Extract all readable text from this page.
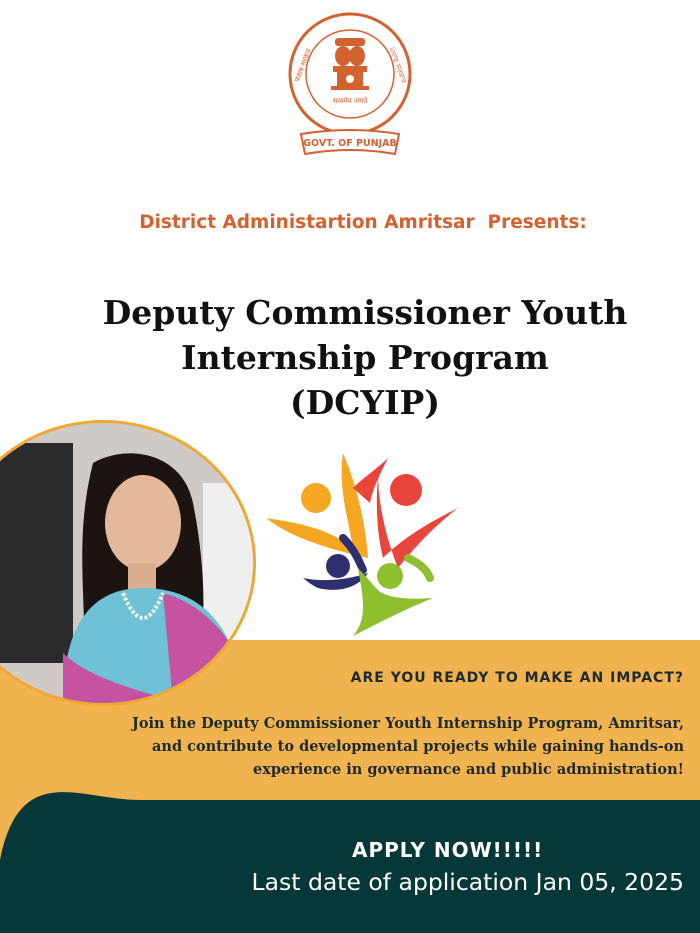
सत्यमेव जयते
GOVT. OF PUNJAB
पंजाब सरकार	ਪੰਜਾਬ ਸਰਕਾਰ
District Administartion Amritsar  Presents:
Deputy Commissioner Youth
Internship Program
(DCYIP)
ARE YOU READY TO MAKE AN IMPACT?
Join the Deputy Commissioner Youth Internship Program, Amritsar, and contribute to developmental projects while gaining hands-on experience in governance and public administration!
APPLY NOW!!!!!
Last date of application Jan 05, 2025
